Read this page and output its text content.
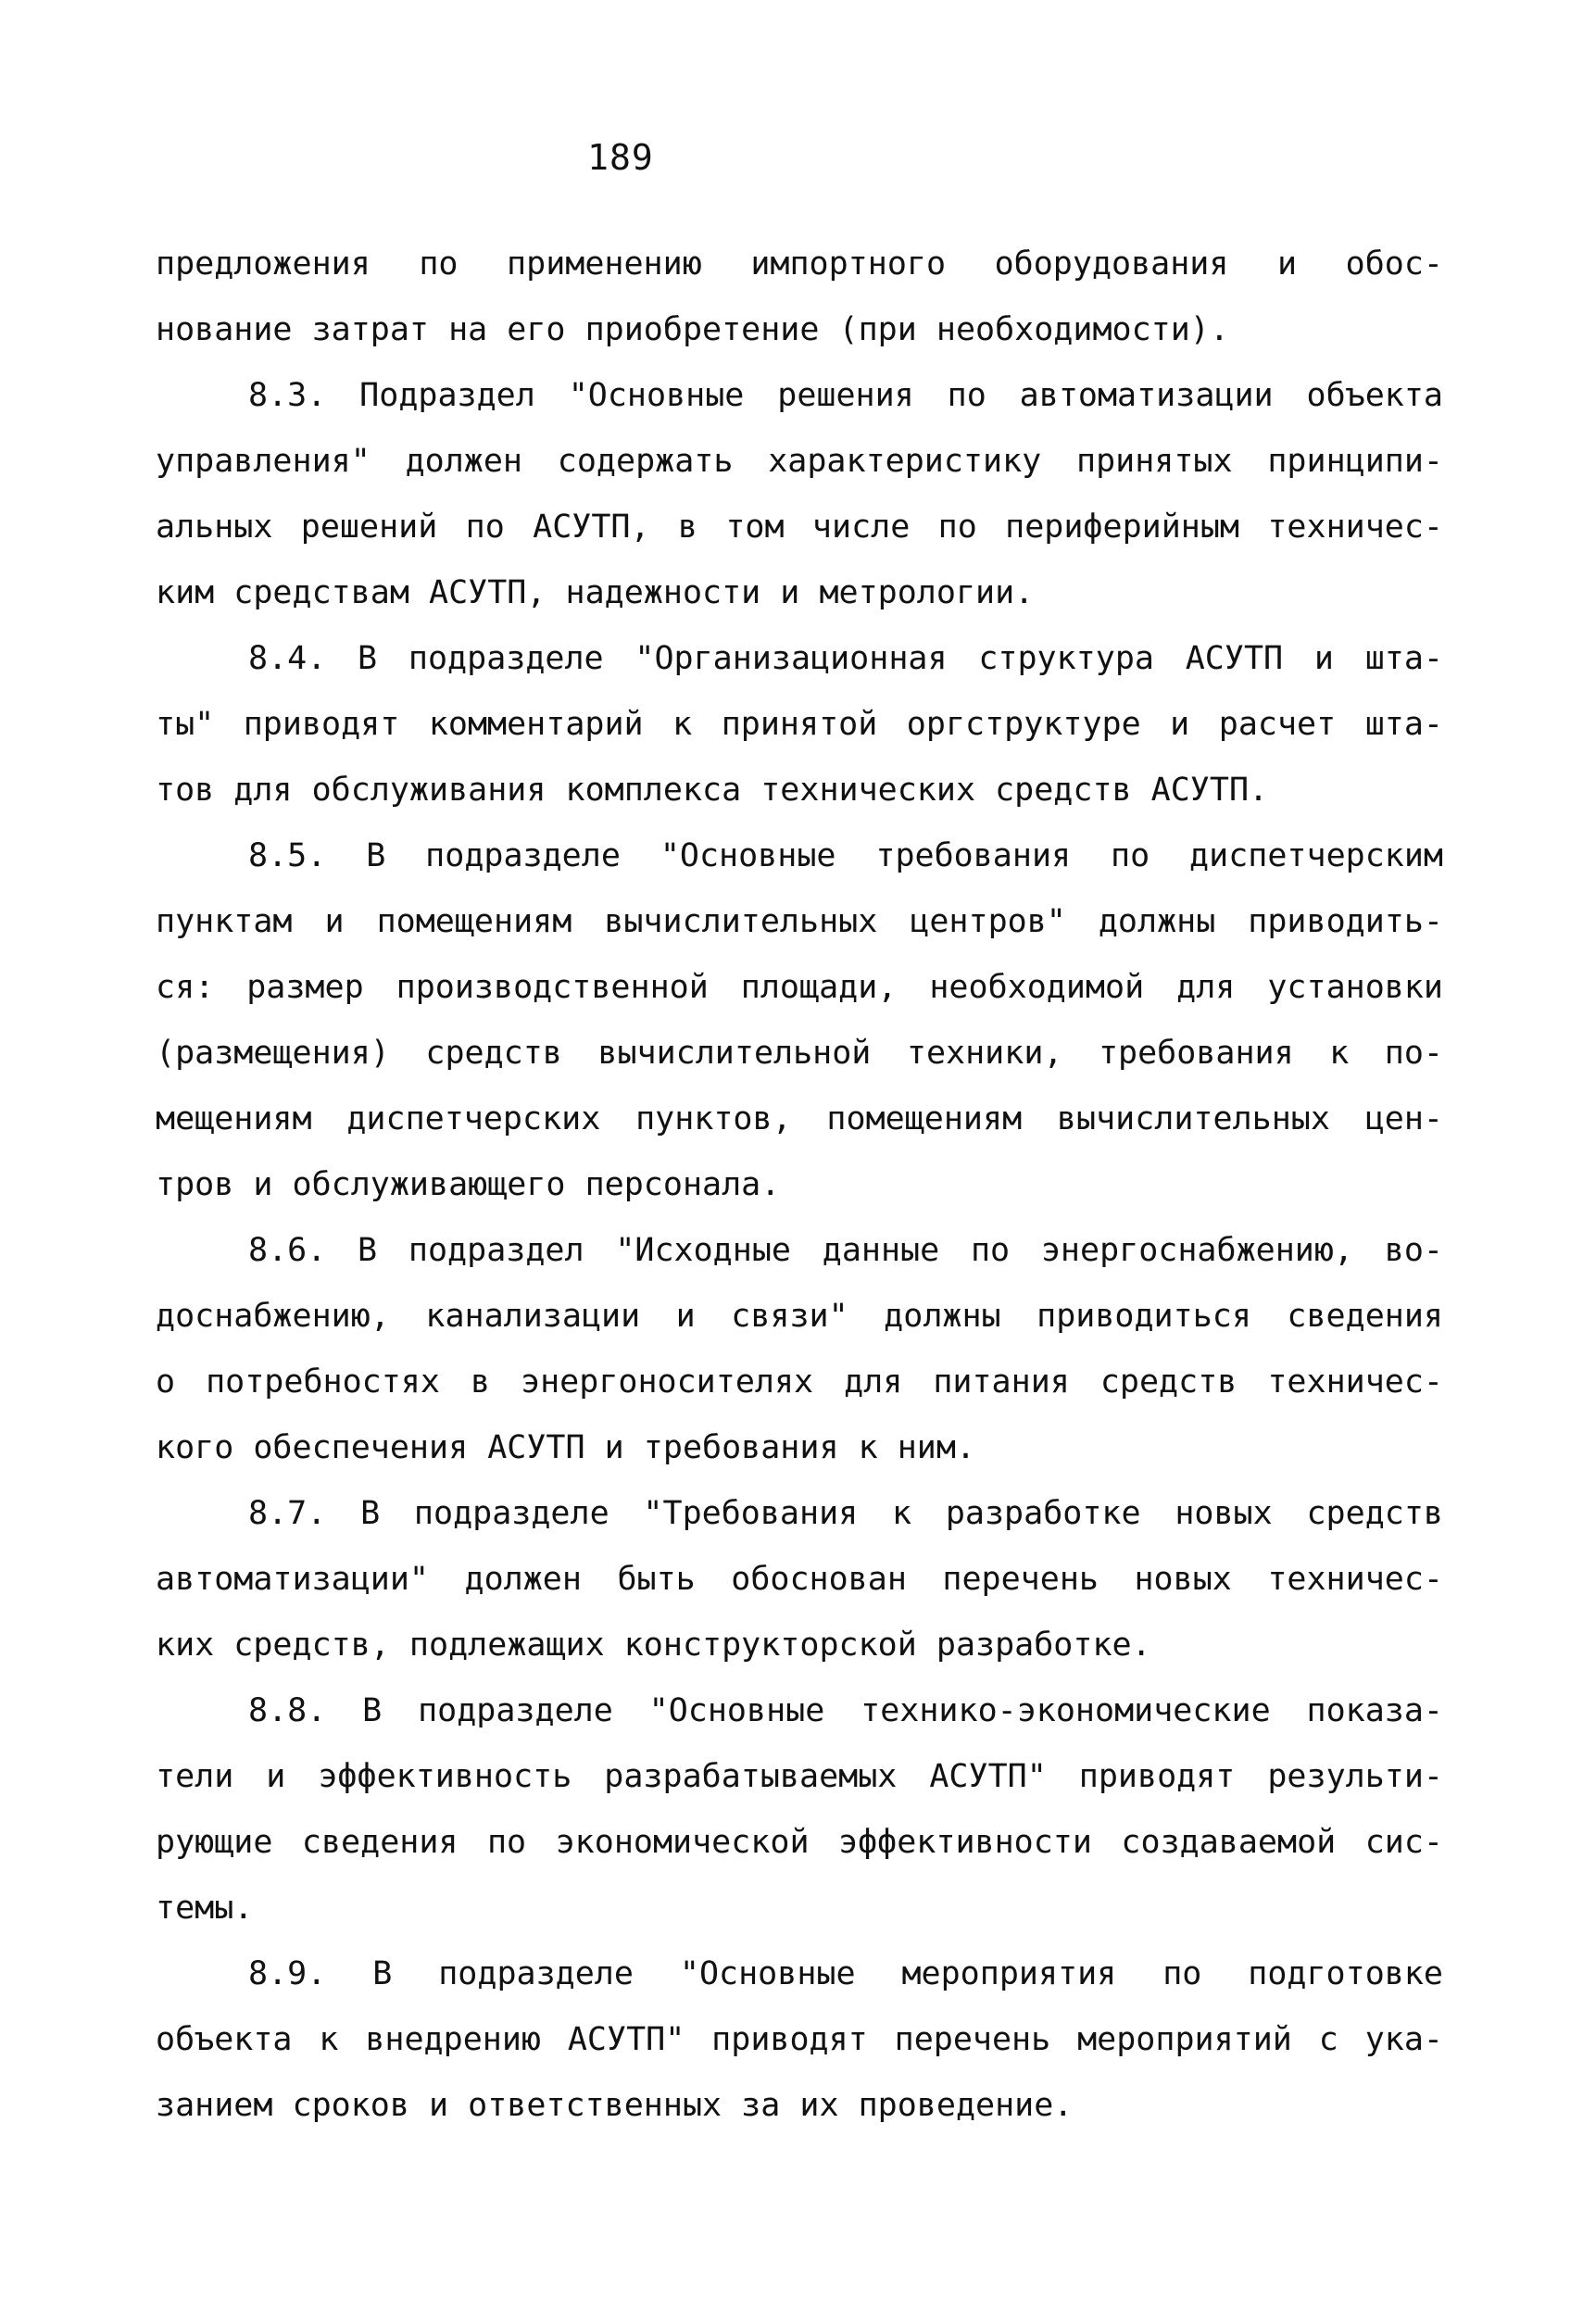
189
предложения по применению импортного оборудования и обос-
нование затрат на его приобретение (при необходимости).
8.3. Подраздел "Основные решения по автоматизации объекта
управления" должен содержать характеристику принятых принципи-
альных решений по АСУТП, в том числе по периферийным техничес-
ким средствам АСУТП, надежности и метрологии.
8.4. В подразделе "Организационная структура АСУТП и шта-
ты" приводят комментарий к принятой оргструктуре и расчет шта-
тов для обслуживания комплекса технических средств АСУТП.
8.5. В подразделе "Основные требования по диспетчерским
пунктам и помещениям вычислительных центров" должны приводить-
ся: размер производственной площади, необходимой для установки
(размещения) средств вычислительной техники, требования к по-
мещениям диспетчерских пунктов, помещениям вычислительных цен-
тров и обслуживающего персонала.
8.6. В подраздел "Исходные данные по энергоснабжению, во-
доснабжению, канализации и связи" должны приводиться сведения
о потребностях в энергоносителях для питания средств техничес-
кого обеспечения АСУТП и требования к ним.
8.7. В подразделе "Требования к разработке новых средств
автоматизации" должен быть обоснован перечень новых техничес-
ких средств, подлежащих конструкторской разработке.
8.8. В подразделе "Основные технико-экономические показа-
тели и эффективность разрабатываемых АСУТП" приводят результи-
рующие сведения по экономической эффективности создаваемой сис-
темы.
8.9. В подразделе "Основные мероприятия по подготовке
объекта к внедрению АСУТП" приводят перечень мероприятий с ука-
занием сроков и ответственных за их проведение.
